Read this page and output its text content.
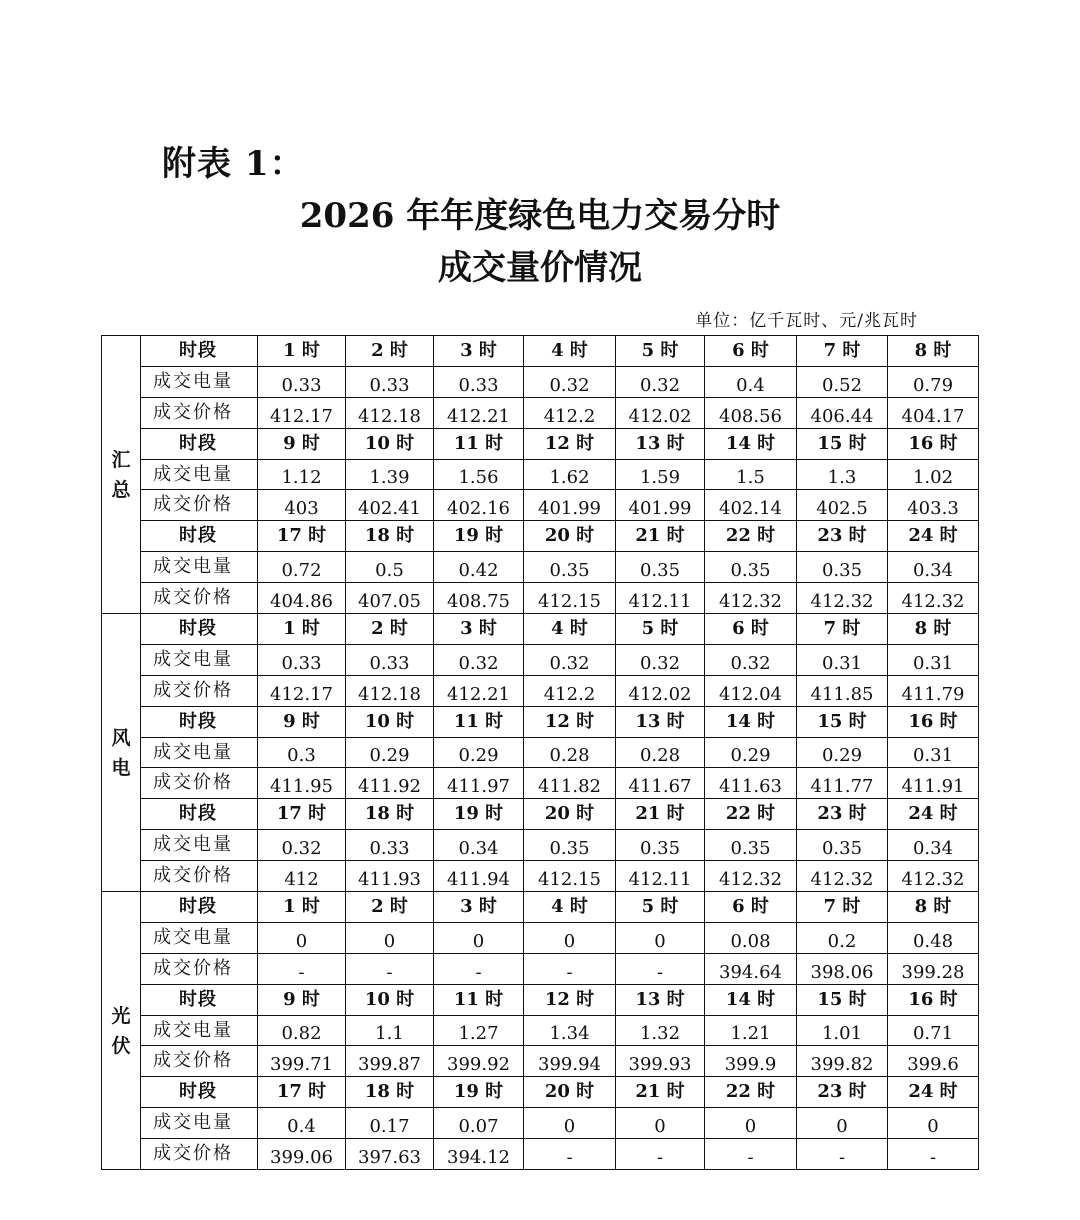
附表 1：
2026 年年度绿色电力交易分时
成交量价情况
单位：亿千瓦时、元/兆瓦时
汇
总	时段	1 时	2 时	3 时	4 时	5 时	6 时	7 时	8 时
	成交电量	0.33	0.33	0.33	0.32	0.32	0.4	0.52	0.79
	成交价格	412.17	412.18	412.21	412.2	412.02	408.56	406.44	404.17
	时段	9 时	10 时	11 时	12 时	13 时	14 时	15 时	16 时
	成交电量	1.12	1.39	1.56	1.62	1.59	1.5	1.3	1.02
	成交价格	403	402.41	402.16	401.99	401.99	402.14	402.5	403.3
	时段	17 时	18 时	19 时	20 时	21 时	22 时	23 时	24 时
	成交电量	0.72	0.5	0.42	0.35	0.35	0.35	0.35	0.34
	成交价格	404.86	407.05	408.75	412.15	412.11	412.32	412.32	412.32

风
电	时段	1 时	2 时	3 时	4 时	5 时	6 时	7 时	8 时
	成交电量	0.33	0.33	0.32	0.32	0.32	0.32	0.31	0.31
	成交价格	412.17	412.18	412.21	412.2	412.02	412.04	411.85	411.79
	时段	9 时	10 时	11 时	12 时	13 时	14 时	15 时	16 时
	成交电量	0.3	0.29	0.29	0.28	0.28	0.29	0.29	0.31
	成交价格	411.95	411.92	411.97	411.82	411.67	411.63	411.77	411.91
	时段	17 时	18 时	19 时	20 时	21 时	22 时	23 时	24 时
	成交电量	0.32	0.33	0.34	0.35	0.35	0.35	0.35	0.34
	成交价格	412	411.93	411.94	412.15	412.11	412.32	412.32	412.32

光
伏	时段	1 时	2 时	3 时	4 时	5 时	6 时	7 时	8 时
	成交电量	0	0	0	0	0	0.08	0.2	0.48
	成交价格	-	-	-	-	-	394.64	398.06	399.28
	时段	9 时	10 时	11 时	12 时	13 时	14 时	15 时	16 时
	成交电量	0.82	1.1	1.27	1.34	1.32	1.21	1.01	0.71
	成交价格	399.71	399.87	399.92	399.94	399.93	399.9	399.82	399.6
	时段	17 时	18 时	19 时	20 时	21 时	22 时	23 时	24 时
	成交电量	0.4	0.17	0.07	0	0	0	0	0
	成交价格	399.06	397.63	394.12	-	-	-	-	-
